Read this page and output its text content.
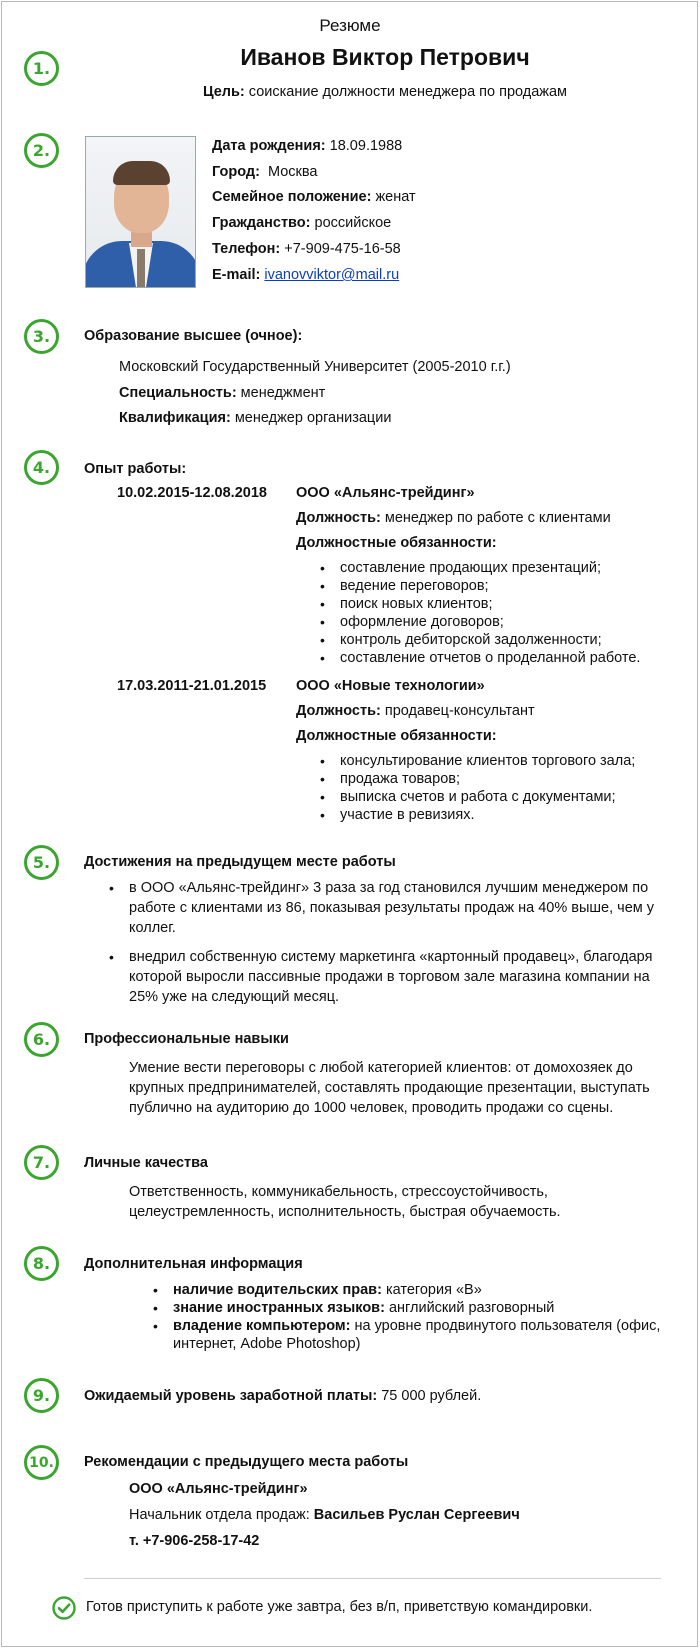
Резюме
Иванов Виктор Петрович
Цель: соискание должности менеджера по продажам
1.
2.
3.
4.
5.
6.
7.
8.
9.
10.
Дата рождения: 18.09.1988
Город:  Москва
Семейное положение: женат
Гражданство: российское
Телефон: +7-909-475-16-58
E-mail: ivanovviktor@mail.ru
Образование высшее (очное):
Московский Государственный Университет (2005-2010 г.г.)
Специальность: менеджмент
Квалификация: менеджер организации
Опыт работы:
10.02.2015-12.08.2018 ООО «Альянс-трейдинг»
Должность: менеджер по работе с клиентами
Должностные обязанности:
• составление продающих презентаций;
• ведение переговоров;
• поиск новых клиентов;
• оформление договоров;
• контроль дебиторской задолженности;
• составление отчетов о проделанной работе.
17.03.2011-21.01.2015 ООО «Новые технологии»
Должность: продавец-консультант
Должностные обязанности:
• консультирование клиентов торгового зала;
• продажа товаров;
• выписка счетов и работа с документами;
• участие в ревизиях.
Достижения на предыдущем месте работы
• в ООО «Альянс-трейдинг» 3 раза за год становился лучшим менеджером по работе с клиентами из 86, показывая результаты продаж на 40% выше, чем у коллег.
• внедрил собственную систему маркетинга «картонный продавец», благодаря которой выросли пассивные продажи в торговом зале магазина компании на 25% уже на следующий месяц.
Профессиональные навыки
Умение вести переговоры с любой категорией клиентов: от домохозяек до крупных предпринимателей, составлять продающие презентации, выступать публично на аудиторию до 1000 человек, проводить продажи со сцены.
Личные качества
Ответственность, коммуникабельность, стрессоустойчивость, целеустремленность, исполнительность, быстрая обучаемость.
Дополнительная информация
• наличие водительских прав: категория «В»
• знание иностранных языков: английский разговорный
• владение компьютером: на уровне продвинутого пользователя (офис, интернет, Adobe Photoshop)
Ожидаемый уровень заработной платы: 75 000 рублей.
Рекомендации с предыдущего места работы
ООО «Альянс-трейдинг»
Начальник отдела продаж: Васильев Руслан Сергеевич
т. +7-906-258-17-42
Готов приступить к работе уже завтра, без в/п, приветствую командировки.
